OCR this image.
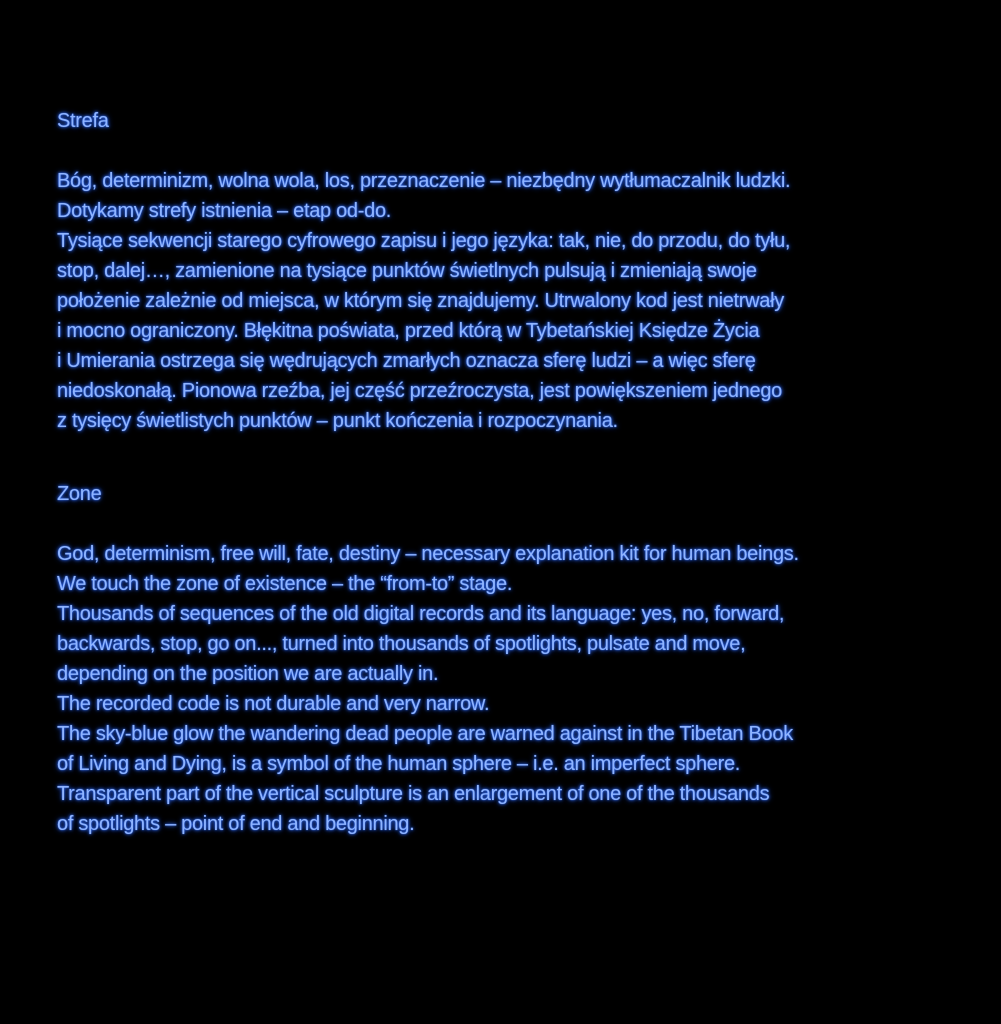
Strefa
Bóg, determinizm, wolna wola, los, przeznaczenie – niezbędny wytłumaczalnik ludzki.
Dotykamy strefy istnienia – etap od-do.
Tysiące sekwencji starego cyfrowego zapisu i jego języka: tak, nie, do przodu, do tyłu,
stop, dalej…, zamienione na tysiące punktów świetlnych pulsują i zmieniają swoje
położenie zależnie od miejsca, w którym się znajdujemy. Utrwalony kod jest nietrwały
i mocno ograniczony. Błękitna poświata, przed którą w Tybetańskiej Księdze Życia
i Umierania ostrzega się wędrujących zmarłych oznacza sferę ludzi – a więc sferę
niedoskonałą. Pionowa rzeźba, jej część przeźroczysta, jest powiększeniem jednego
z tysięcy świetlistych punktów – punkt kończenia i rozpoczynania.
Zone
God, determinism, free will, fate, destiny – necessary explanation kit for human beings.
We touch the zone of existence – the “from-to” stage.
Thousands of sequences of the old digital records and its language: yes, no, forward,
backwards, stop, go on..., turned into thousands of spotlights, pulsate and move,
depending on the position we are actually in.
The recorded code is not durable and very narrow.
The sky-blue glow the wandering dead people are warned against in the Tibetan Book
of Living and Dying, is a symbol of the human sphere – i.e. an imperfect sphere.
Transparent part of the vertical sculpture is an enlargement of one of the thousands
of spotlights – point of end and beginning.
